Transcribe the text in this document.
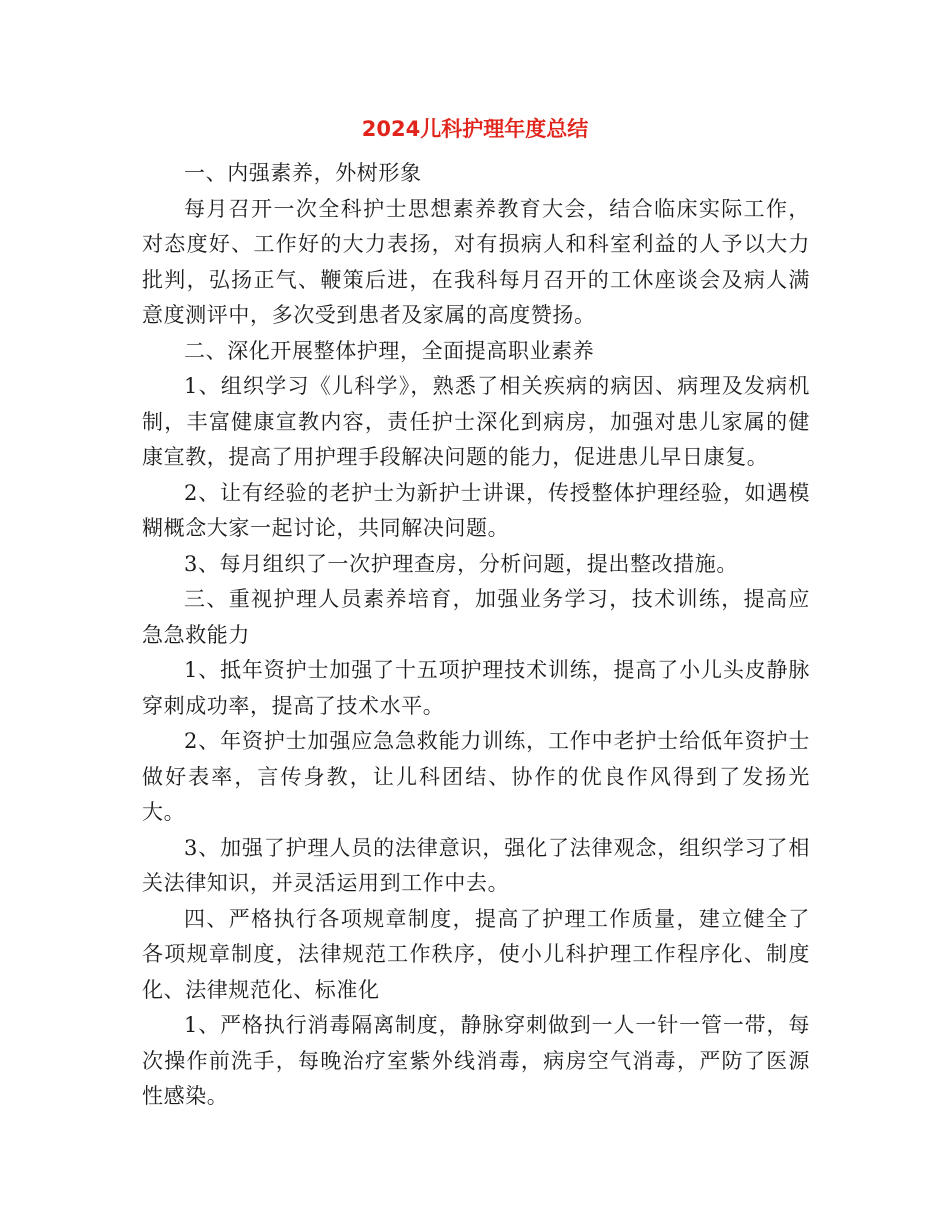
2024儿科护理年度总结

一、内强素养，外树形象

每月召开一次全科护士思想素养教育大会，结合临床实际工作，对态度好、工作好的大力表扬，对有损病人和科室利益的人予以大力批判，弘扬正气、鞭策后进，在我科每月召开的工休座谈会及病人满意度测评中，多次受到患者及家属的高度赞扬。

二、深化开展整体护理，全面提高职业素养

1、组织学习《儿科学》，熟悉了相关疾病的病因、病理及发病机制，丰富健康宣教内容，责任护士深化到病房，加强对患儿家属的健康宣教，提高了用护理手段解决问题的能力，促进患儿早日康复。

2、让有经验的老护士为新护士讲课，传授整体护理经验，如遇模糊概念大家一起讨论，共同解决问题。

3、每月组织了一次护理查房，分析问题，提出整改措施。

三、重视护理人员素养培育，加强业务学习，技术训练，提高应急急救能力

1、抵年资护士加强了十五项护理技术训练，提高了小儿头皮静脉穿刺成功率，提高了技术水平。

2、年资护士加强应急急救能力训练，工作中老护士给低年资护士做好表率，言传身教，让儿科团结、协作的优良作风得到了发扬光大。

3、加强了护理人员的法律意识，强化了法律观念，组织学习了相关法律知识，并灵活运用到工作中去。

四、严格执行各项规章制度，提高了护理工作质量，建立健全了各项规章制度，法律规范工作秩序，使小儿科护理工作程序化、制度化、法律规范化、标准化

1、严格执行消毒隔离制度，静脉穿刺做到一人一针一管一带，每次操作前洗手，每晚治疗室紫外线消毒，病房空气消毒，严防了医源性感染。
